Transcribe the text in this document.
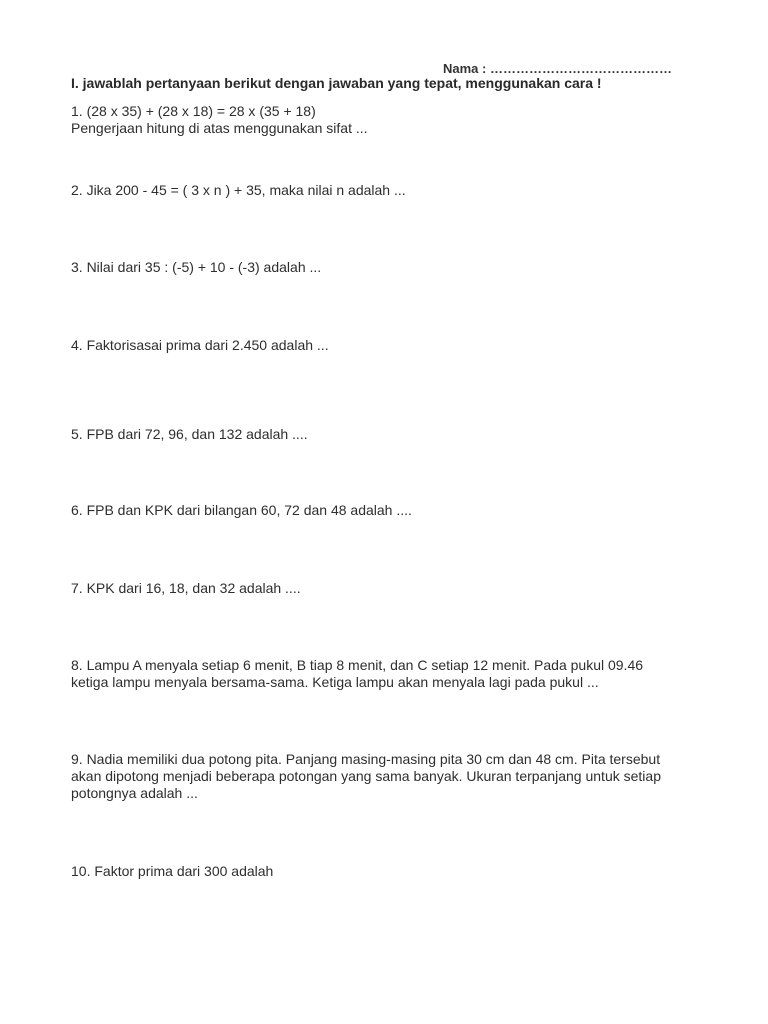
Nama : ……………………………………
I. jawablah pertanyaan berikut dengan jawaban yang tepat, menggunakan cara !
1. (28 x 35) + (28 x 18) = 28 x (35 + 18)
Pengerjaan hitung di atas menggunakan sifat ...
2. Jika 200 - 45 = ( 3 x n ) + 35, maka nilai n adalah ...
3. Nilai dari 35 : (-5) + 10 - (-3) adalah ...
4. Faktorisasai prima dari 2.450 adalah ...
5. FPB dari 72, 96, dan 132 adalah ....
6. FPB dan KPK dari bilangan 60, 72 dan 48 adalah ....
7. KPK dari 16, 18, dan 32 adalah ....
8. Lampu A menyala setiap 6 menit, B tiap 8 menit, dan C setiap 12 menit. Pada pukul 09.46
ketiga lampu menyala bersama-sama. Ketiga lampu akan menyala lagi pada pukul ...
9. Nadia memiliki dua potong pita. Panjang masing-masing pita 30 cm dan 48 cm. Pita tersebut
akan dipotong menjadi beberapa potongan yang sama banyak. Ukuran terpanjang untuk setiap
potongnya adalah ...
10. Faktor prima dari 300 adalah
